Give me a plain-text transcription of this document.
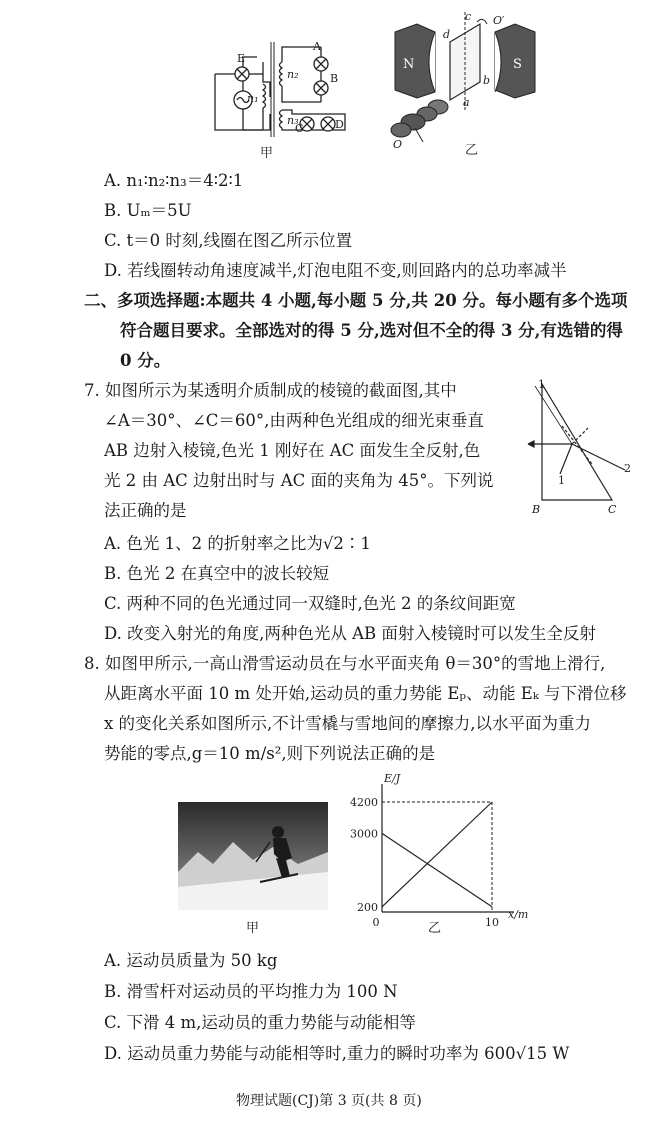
E
n₁
n₂
n₃
A
B
C	D
甲
N	S
d
c
b
a
O′
O	乙
A. n₁∶n₂∶n₃＝4∶2∶1
B. Uₘ＝5U
C. t＝0 时刻,线圈在图乙所示位置
D. 若线圈转动角速度减半,灯泡电阻不变,则回路内的总功率减半
二、多项选择题:本题共 4 小题,每小题 5 分,共 20 分。每小题有多个选项
符合题目要求。全部选对的得 5 分,选对但不全的得 3 分,有选错的得
0 分。
7. 如图所示为某透明介质制成的棱镜的截面图,其中
∠A＝30°、∠C＝60°,由两种色光组成的细光束垂直
AB 边射入棱镜,色光 1 刚好在 AC 面发生全反射,色
光 2 由 AC 边射出时与 AC 面的夹角为 45°。下列说
法正确的是
1
1
2
B	C
A. 色光 1、2 的折射率之比为√2∶1
B. 色光 2 在真空中的波长较短
C. 两种不同的色光通过同一双缝时,色光 2 的条纹间距宽
D. 改变入射光的角度,两种色光从 AB 面射入棱镜时可以发生全反射
8. 如图甲所示,一高山滑雪运动员在与水平面夹角 θ＝30°的雪地上滑行,
从距离水平面 10 m 处开始,运动员的重力势能 Eₚ、动能 Eₖ 与下滑位移
x 的变化关系如图所示,不计雪橇与雪地间的摩擦力,以水平面为重力
势能的零点,g＝10 m/s²,则下列说法正确的是
甲
E/J
x/m
200
3000
4200
0	10
乙
A. 运动员质量为 50 kg
B. 滑雪杆对运动员的平均推力为 100 N
C. 下滑 4 m,运动员的重力势能与动能相等
D. 运动员重力势能与动能相等时,重力的瞬时功率为 600√15 W
物理试题(CJ)第 3 页(共 8 页)
